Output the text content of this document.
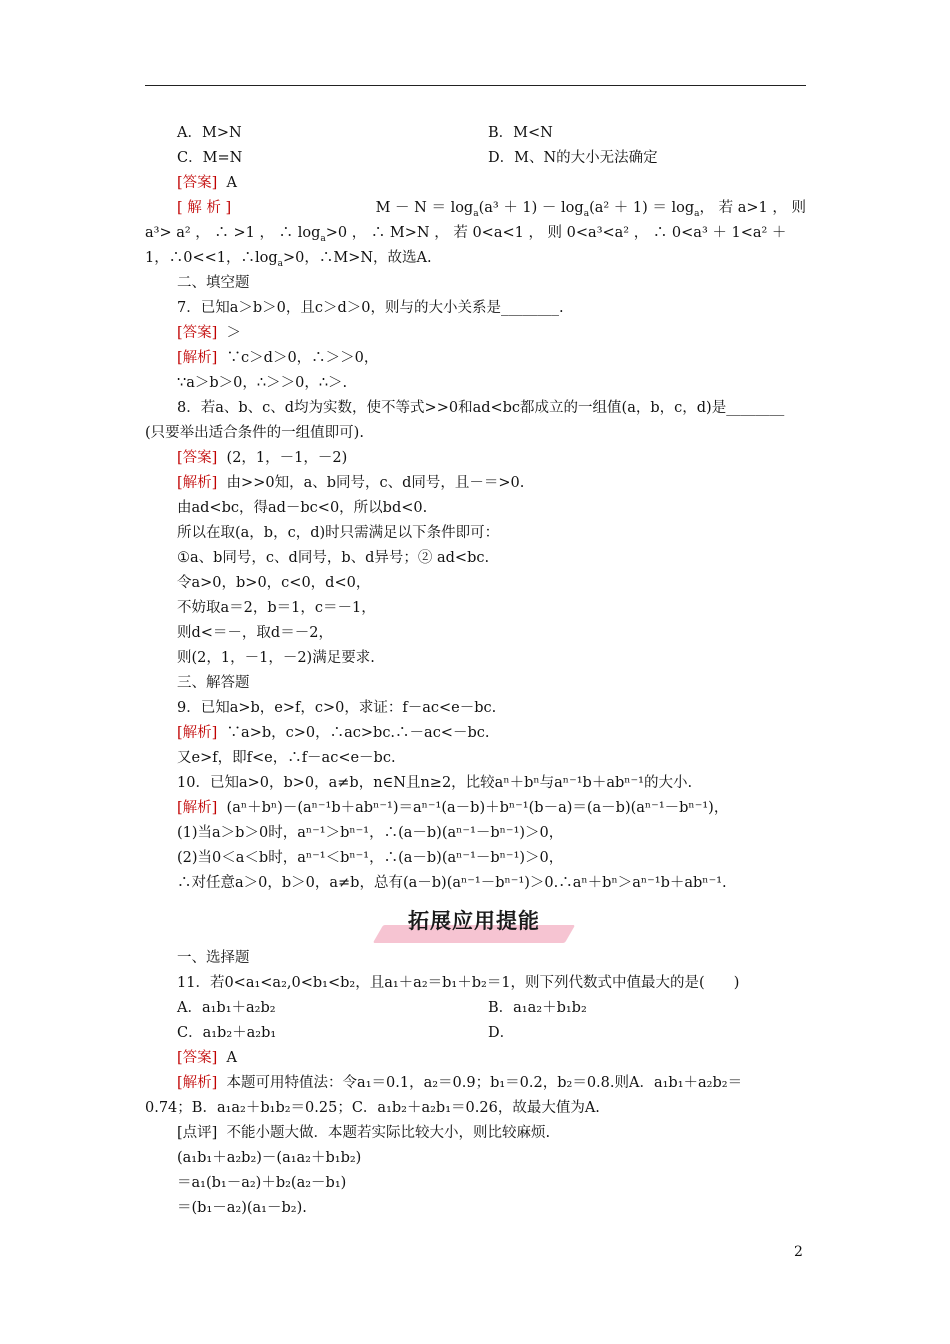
A．M>N	B．M<N
C．M=N	D．M、N的大小无法确定
[答案] A
[ 解 析 ]	$M - N = \log_a(a^3 + 1) - \log_a(a^2 + 1) = \log_a$， 若 a>1 ， 则
a³> a² ， ∴ >1 ， ∴ $\log_a>0$ ， ∴ M>N ， 若 0<a<1 ， 则 0<a³<a² ， ∴ 0<a³ ＋ 1<a² ＋
1，∴0<<1，$\therefore\log_a>0$，∴M>N，故选A.
二、填空题
7．已知a＞b＞0，且c＞d＞0，则与的大小关系是________.
[答案] ＞
[解析] ∵c＞d＞0，∴＞＞0，
∵a＞b＞0，∴＞＞0，∴＞.
8．若a、b、c、d均为实数，使不等式>>0和ad<bc都成立的一组值(a，b，c，d)是________
(只要举出适合条件的一组值即可).
[答案] (2，1，－1，－2)
[解析] 由>>0知，a、b同号，c、d同号，且－＝>0.
由ad<bc，得ad－bc<0，所以bd<0.
所以在取(a，b，c，d)时只需满足以下条件即可：
①a、b同号，c、d同号，b、d异号；② ad<bc.
令a>0，b>0，c<0，d<0，
不妨取a＝2，b＝1，c＝－1，
则d<＝－，取d＝－2，
则(2，1，－1，－2)满足要求.
三、解答题
9．已知a>b，e>f，c>0，求证：f－ac<e－bc.
[解析] ∵a>b，c>0，∴ac>bc.∴－ac<－bc.
又e>f，即f<e，∴f－ac<e－bc.
10．已知a>0，b>0，a≠b，n∈N且n≥2，比较aⁿ＋bⁿ与aⁿ⁻¹b＋abⁿ⁻¹的大小.
[解析] (aⁿ＋bⁿ)－(aⁿ⁻¹b＋abⁿ⁻¹)＝aⁿ⁻¹(a－b)＋bⁿ⁻¹(b－a)＝(a－b)(aⁿ⁻¹－bⁿ⁻¹)，
(1)当a＞b＞0时，aⁿ⁻¹＞bⁿ⁻¹，∴(a－b)(aⁿ⁻¹－bⁿ⁻¹)＞0，
(2)当0＜a＜b时，aⁿ⁻¹＜bⁿ⁻¹，∴(a－b)(aⁿ⁻¹－bⁿ⁻¹)＞0，
∴对任意a＞0，b＞0，a≠b，总有(a－b)(aⁿ⁻¹－bⁿ⁻¹)＞0.∴aⁿ＋bⁿ＞aⁿ⁻¹b＋abⁿ⁻¹.
拓展应用提能
一、选择题
11．若0<a₁<a₂,0<b₁<b₂，且a₁＋a₂＝b₁＋b₂＝1，则下列代数式中值最大的是(　　)
A．a₁b₁＋a₂b₂	B．a₁a₂＋b₁b₂
C．a₁b₂＋a₂b₁	D．
[答案] A
[解析] 本题可用特值法：令a₁＝0.1，a₂＝0.9；b₁＝0.2，b₂＝0.8.则A．a₁b₁＋a₂b₂＝
0.74；B．a₁a₂＋b₁b₂＝0.25；C．a₁b₂＋a₂b₁＝0.26，故最大值为A.
[点评] 不能小题大做．本题若实际比较大小，则比较麻烦.
(a₁b₁＋a₂b₂)－(a₁a₂＋b₁b₂)
＝a₁(b₁－a₂)＋b₂(a₂－b₁)
＝(b₁－a₂)(a₁－b₂).
2
